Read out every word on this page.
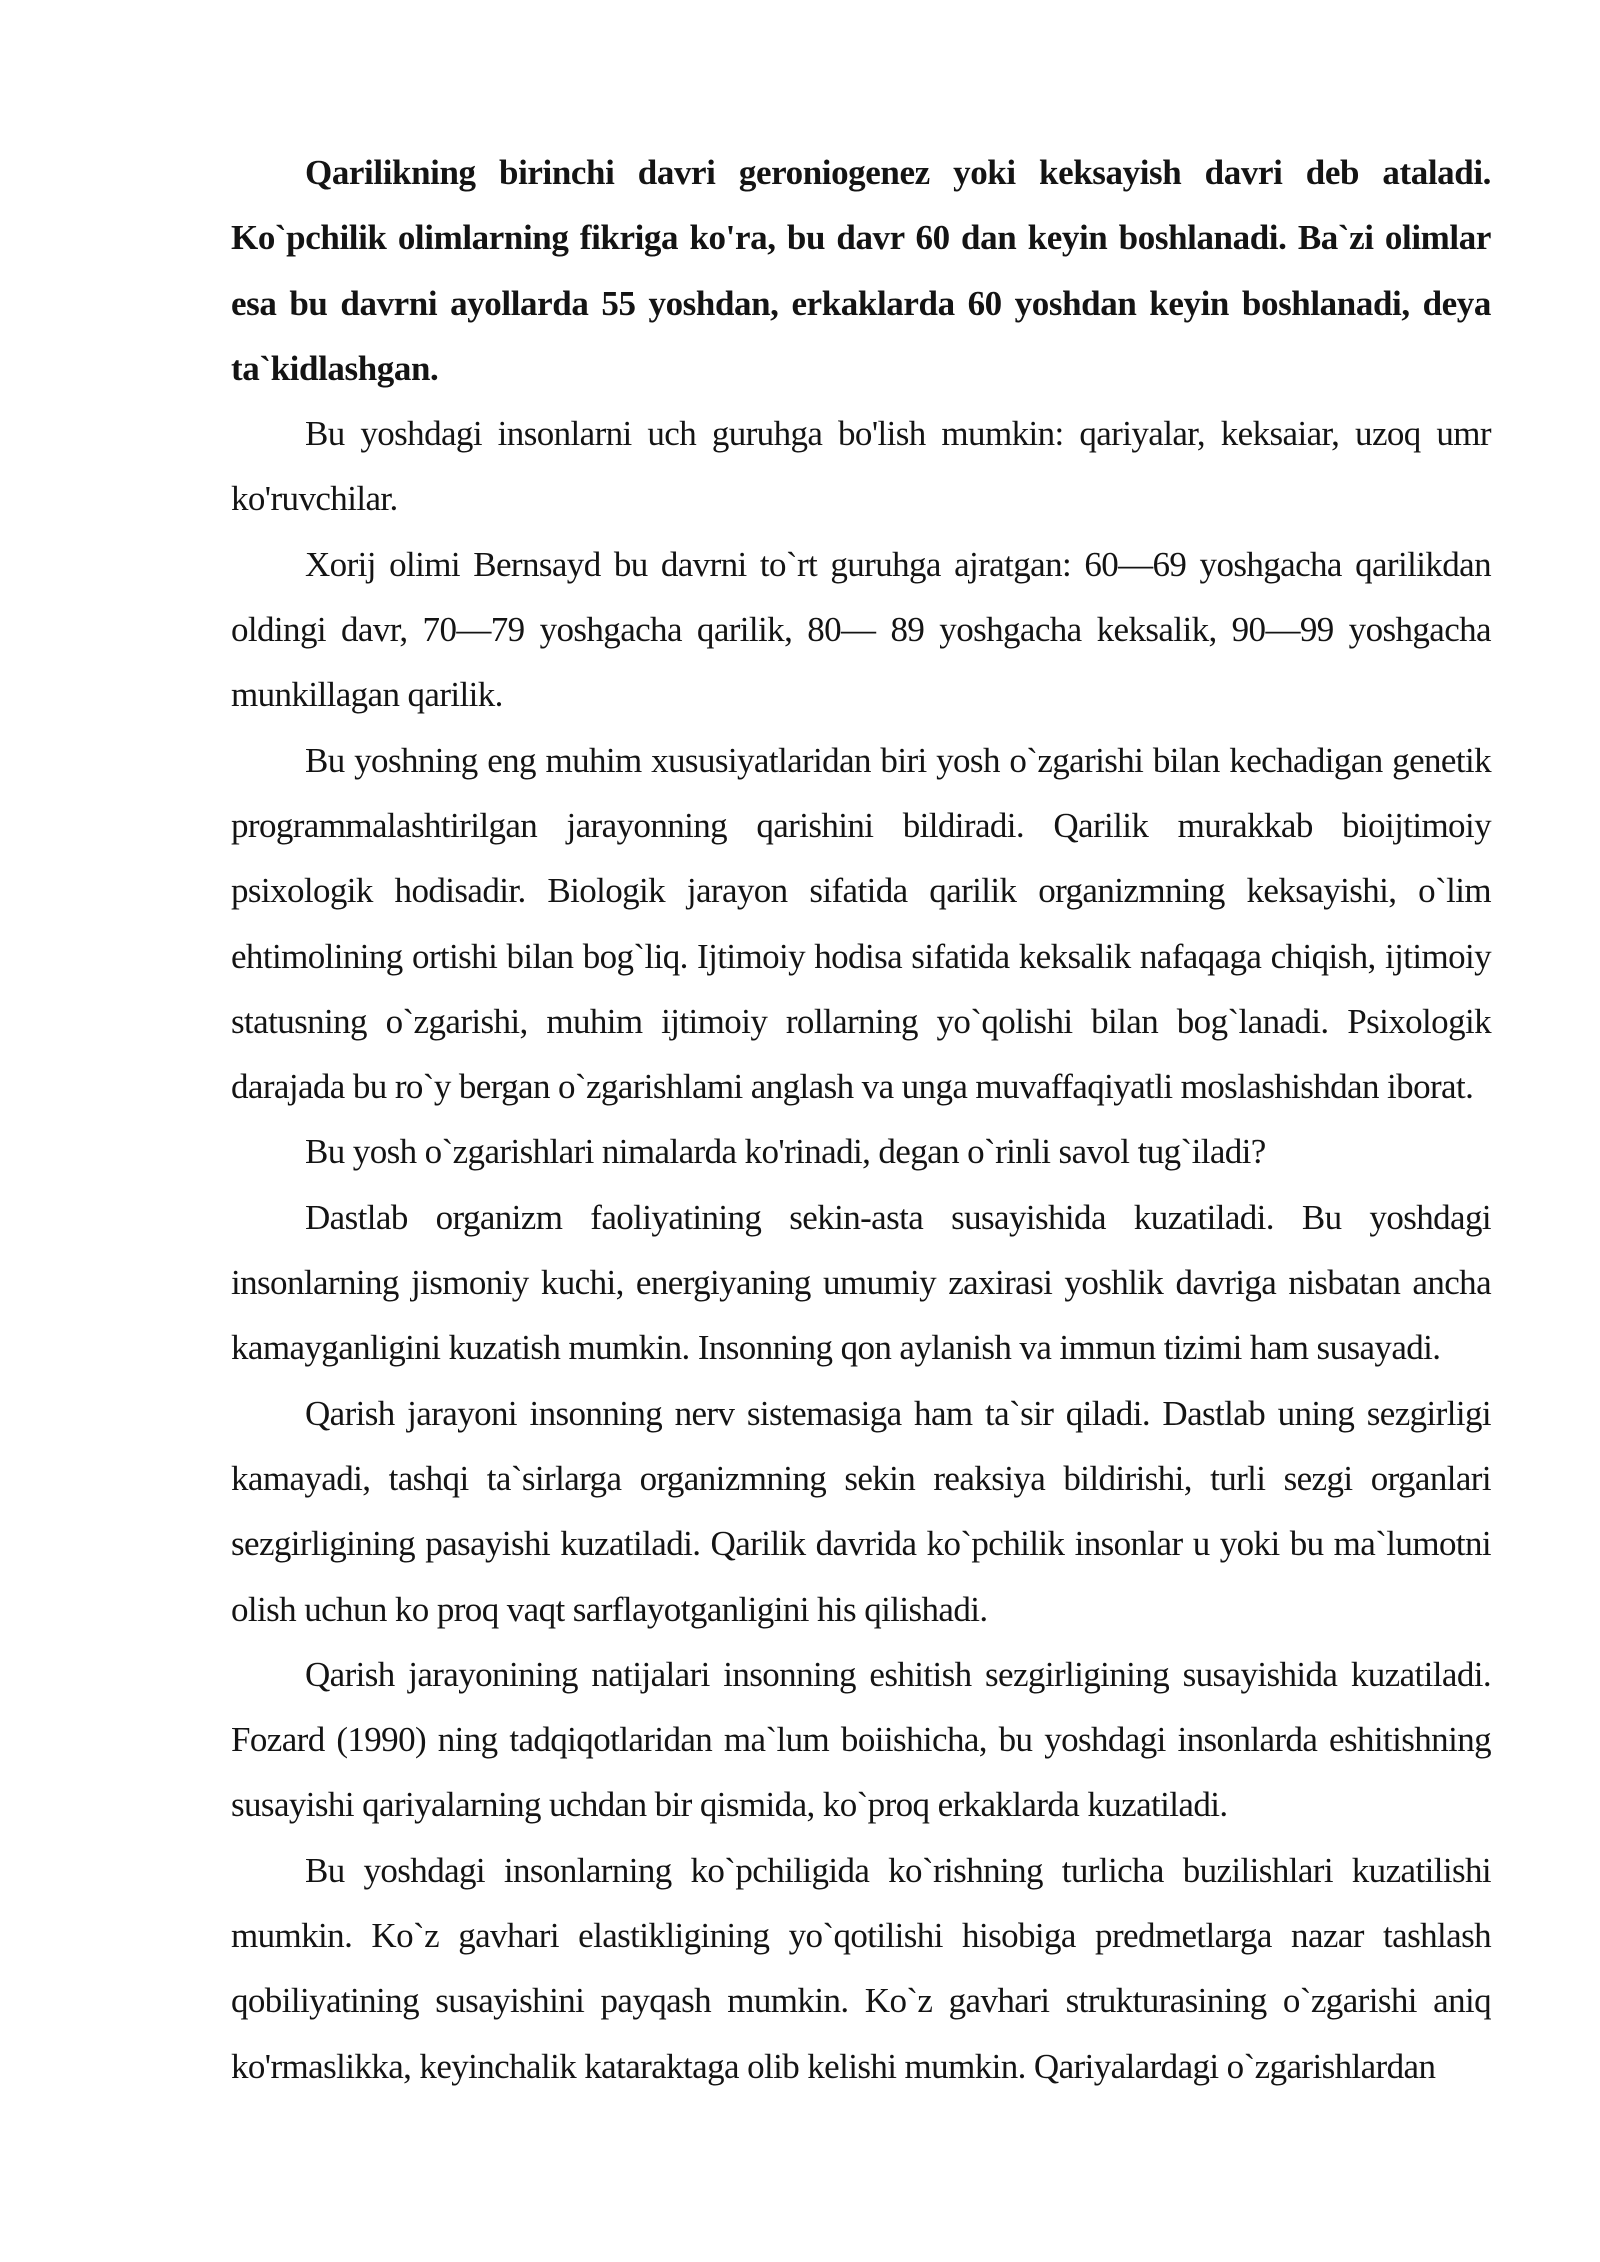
Qarilikning birinchi davri geroniogenez yoki keksayish davri deb ataladi. Ko`pchilik olimlarning fikriga ko'ra, bu davr 60 dan keyin boshlanadi. Ba`zi olimlar esa bu davrni ayollarda 55 yoshdan, erkaklarda 60 yoshdan keyin boshlanadi, deya ta`kidlashgan.

Bu yoshdagi insonlarni uch guruhga bo'lish mumkin: qariyalar, keksaiar, uzoq umr ko'ruvchilar.

Xorij olimi Bernsayd bu davrni to`rt guruhga ajratgan: 60—69 yoshgacha qarilikdan oldingi davr, 70—79 yoshgacha qarilik, 80— 89 yoshgacha keksalik, 90—99 yoshgacha munkillagan qarilik.

Bu yoshning eng muhim xususiyatlaridan biri yosh o`zgarishi bilan kechadigan genetik programmalashtirilgan jarayonning qarishini bildiradi. Qarilik murakkab bioijtimoiy psixologik hodisadir. Biologik jarayon sifatida qarilik organizmning keksayishi, o`lim ehtimolining ortishi bilan bog`liq. Ijtimoiy hodisa sifatida keksalik nafaqaga chiqish, ijtimoiy statusning o`zgarishi, muhim ijtimoiy rollarning yo`qolishi bilan bog`lanadi. Psixologik darajada bu ro`y bergan o`zgarishlami anglash va unga muvaffaqiyatli moslashishdan iborat.

Bu yosh o`zgarishlari nimalarda ko'rinadi, degan o`rinli savol tug`iladi?

Dastlab organizm faoliyatining sekin-asta susayishida kuzatiladi. Bu yoshdagi insonlarning jismoniy kuchi, energiyaning umumiy zaxirasi yoshlik davriga nisbatan ancha kamayganligini kuzatish mumkin. Insonning qon aylanish va immun tizimi ham susayadi.

Qarish jarayoni insonning nerv sistemasiga ham ta`sir qiladi. Dastlab uning sezgirligi kamayadi, tashqi ta`sirlarga organizmning sekin reaksiya bildirishi, turli sezgi organlari sezgirligining pasayishi kuzatiladi. Qarilik davrida ko`pchilik insonlar u yoki bu ma`lumotni olish uchun ko proq vaqt sarflayotganligini his qilishadi.

Qarish jarayonining natijalari insonning eshitish sezgirligining susayishida kuzatiladi. Fozard (1990) ning tadqiqotlaridan ma`lum boiishicha, bu yoshdagi insonlarda eshitishning susayishi qariyalarning uchdan bir qismida, ko`proq erkaklarda kuzatiladi.

Bu yoshdagi insonlarning ko`pchiligida ko`rishning turlicha buzilishlari kuzatilishi mumkin. Ko`z gavhari elastikligining yo`qotilishi hisobiga predmetlarga nazar tashlash qobiliyatining susayishini payqash mumkin. Ko`z gavhari strukturasining o`zgarishi aniq ko'rmaslikka, keyinchalik kataraktaga olib kelishi mumkin. Qariyalardagi o`zgarishlardan
